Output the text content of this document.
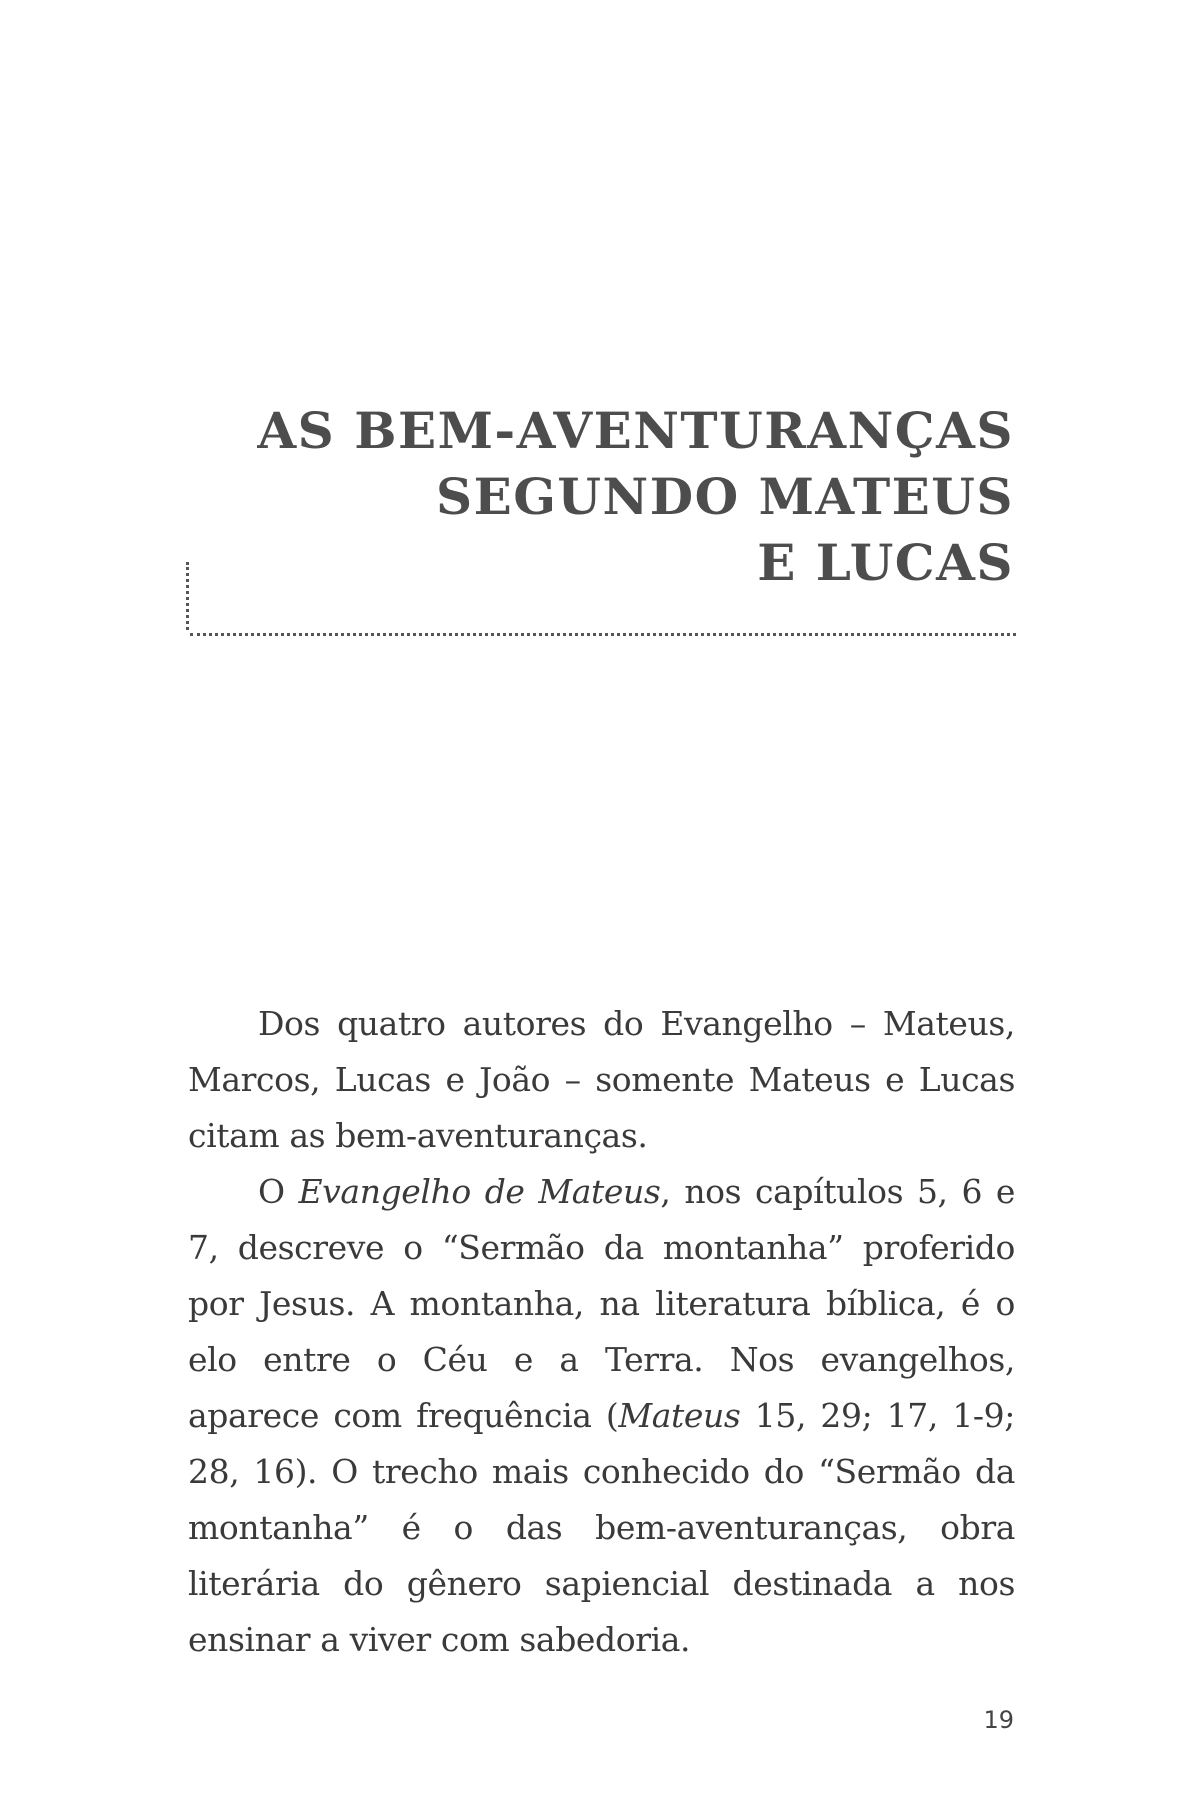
AS BEM-AVENTURANÇAS
SEGUNDO MATEUS
E LUCAS

Dos quatro autores do Evangelho – Mateus, Marcos, Lucas e João – somente Mateus e Lucas citam as bem-aventuranças.

O Evangelho de Mateus, nos capítulos 5, 6 e 7, descreve o “Sermão da montanha” proferido por Jesus. A montanha, na literatura bíblica, é o elo entre o Céu e a Terra. Nos evangelhos, aparece com frequência (Mateus 15, 29; 17, 1-9; 28, 16). O trecho mais conhecido do “Sermão da montanha” é o das bem-aventuranças, obra literária do gênero sapiencial destinada a nos ensinar a viver com sabedoria.

19
